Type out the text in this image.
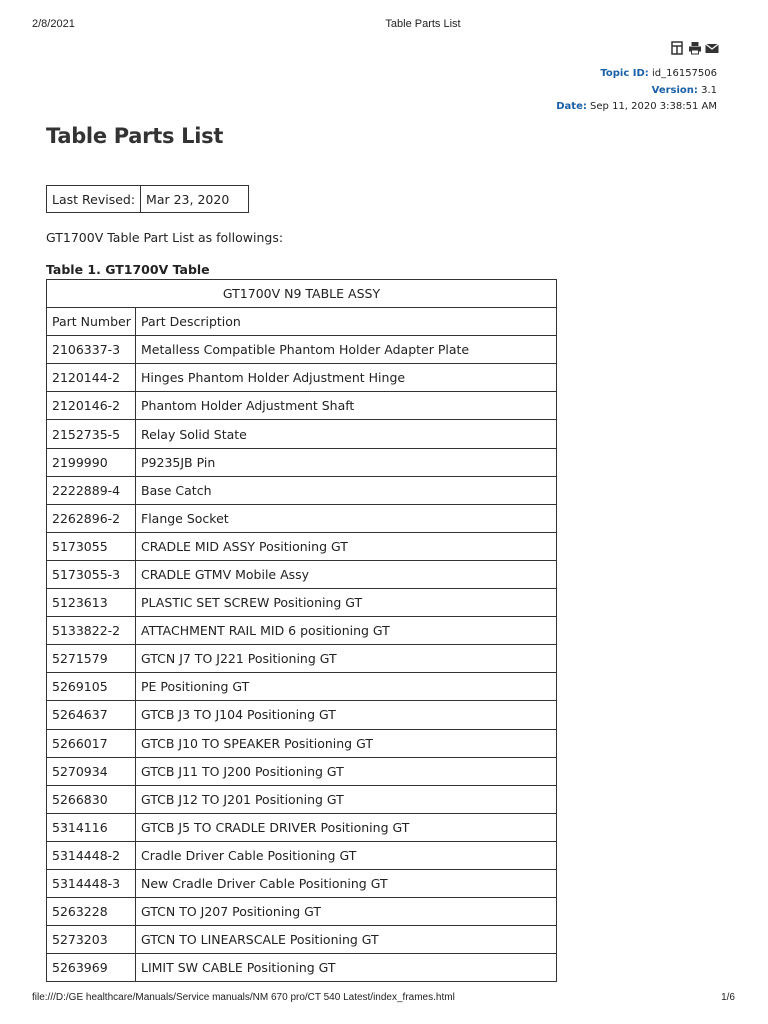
2/8/2021	Table Parts List
Topic ID: id_16157506
Version: 3.1
Date: Sep 11, 2020 3:38:51 AM
Table Parts List
Last Revised:	Mar 23, 2020
GT1700V Table Part List as followings:
Table 1. GT1700V Table
GT1700V N9 TABLE ASSY	
Part Number	Part Description
2106337-3	Metalless Compatible Phantom Holder Adapter Plate
2120144-2	Hinges Phantom Holder Adjustment Hinge
2120146-2	Phantom Holder Adjustment Shaft
2152735-5	Relay Solid State
2199990	P9235JB Pin
2222889-4	Base Catch
2262896-2	Flange Socket
5173055	CRADLE MID ASSY Positioning GT
5173055-3	CRADLE GTMV Mobile Assy
5123613	PLASTIC SET SCREW Positioning GT
5133822-2	ATTACHMENT RAIL MID 6 positioning GT
5271579	GTCN J7 TO J221 Positioning GT
5269105	PE Positioning GT
5264637	GTCB J3 TO J104 Positioning GT
5266017	GTCB J10 TO SPEAKER Positioning GT
5270934	GTCB J11 TO J200 Positioning GT
5266830	GTCB J12 TO J201 Positioning GT
5314116	GTCB J5 TO CRADLE DRIVER Positioning GT
5314448-2	Cradle Driver Cable Positioning GT
5314448-3	New Cradle Driver Cable Positioning GT
5263228	GTCN TO J207 Positioning GT
5273203	GTCN TO LINEARSCALE Positioning GT
5263969	LIMIT SW CABLE Positioning GT
file:///D:/GE healthcare/Manuals/Service manuals/NM 670 pro/CT 540 Latest/index_frames.html	1/6
